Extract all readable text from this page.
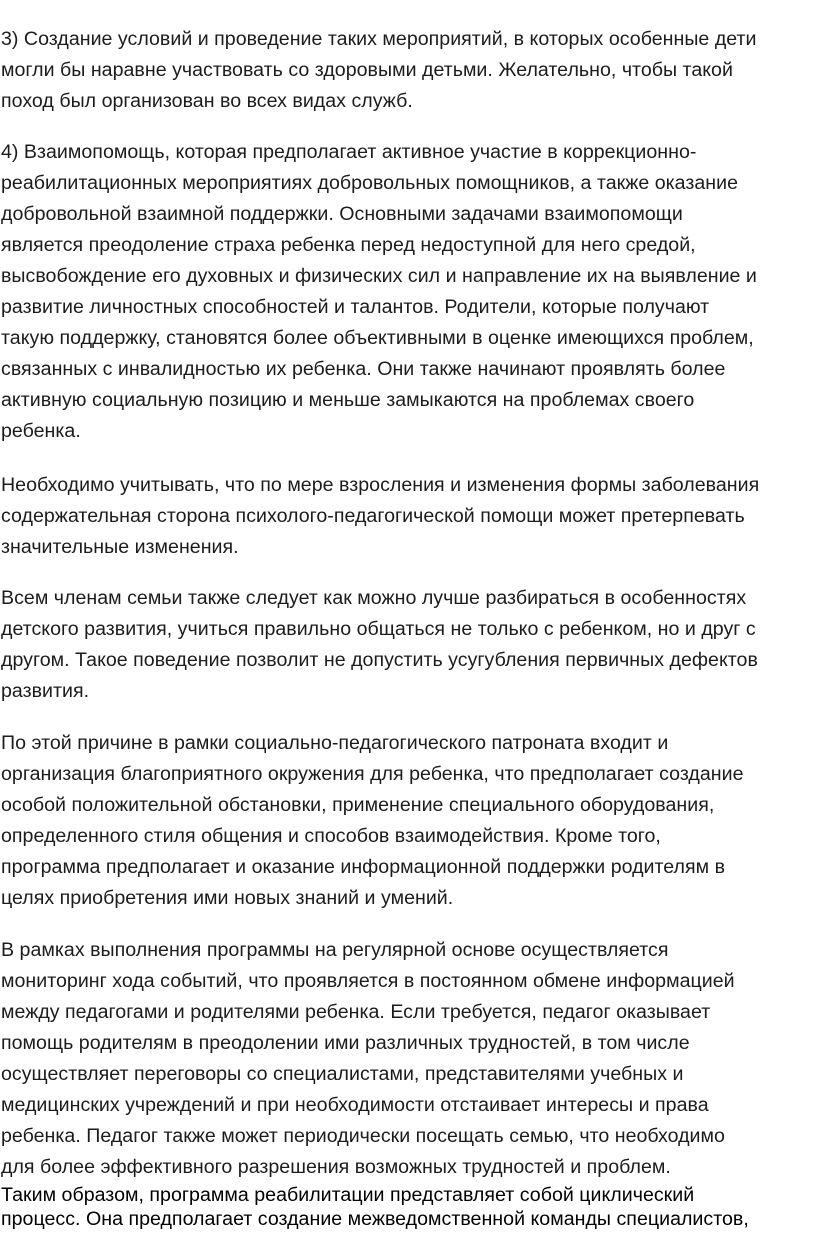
3) Создание условий и проведение таких мероприятий, в которых особенные дети
могли бы наравне участвовать со здоровыми детьми. Желательно, чтобы такой
поход был организован во всех видах служб.

4) Взаимопомощь, которая предполагает активное участие в коррекционно-
реабилитационных мероприятиях добровольных помощников, а также оказание
добровольной взаимной поддержки. Основными задачами взаимопомощи
является преодоление страха ребенка перед недоступной для него средой,
высвобождение его духовных и физических сил и направление их на выявление и
развитие личностных способностей и талантов. Родители, которые получают
такую поддержку, становятся более объективными в оценке имеющихся проблем,
связанных с инвалидностью их ребенка. Они также начинают проявлять более
активную социальную позицию и меньше замыкаются на проблемах своего
ребенка.

Необходимо учитывать, что по мере взросления и изменения формы заболевания
содержательная сторона психолого-педагогической помощи может претерпевать
значительные изменения.

Всем членам семьи также следует как можно лучше разбираться в особенностях
детского развития, учиться правильно общаться не только с ребенком, но и друг с
другом. Такое поведение позволит не допустить усугубления первичных дефектов
развития.

По этой причине в рамки социально-педагогического патроната входит и
организация благоприятного окружения для ребенка, что предполагает создание
особой положительной обстановки, применение специального оборудования,
определенного стиля общения и способов взаимодействия. Кроме того,
программа предполагает и оказание информационной поддержки родителям в
целях приобретения ими новых знаний и умений.

В рамках выполнения программы на регулярной основе осуществляется
мониторинг хода событий, что проявляется в постоянном обмене информацией
между педагогами и родителями ребенка. Если требуется, педагог оказывает
помощь родителям в преодолении ими различных трудностей, в том числе
осуществляет переговоры со специалистами, представителями учебных и
медицинских учреждений и при необходимости отстаивает интересы и права
ребенка. Педагог также может периодически посещать семью, что необходимо
для более эффективного разрешения возможных трудностей и проблем.

Таким образом, программа реабилитации представляет собой циклический
процесс. Она предполагает создание межведомственной команды специалистов,
